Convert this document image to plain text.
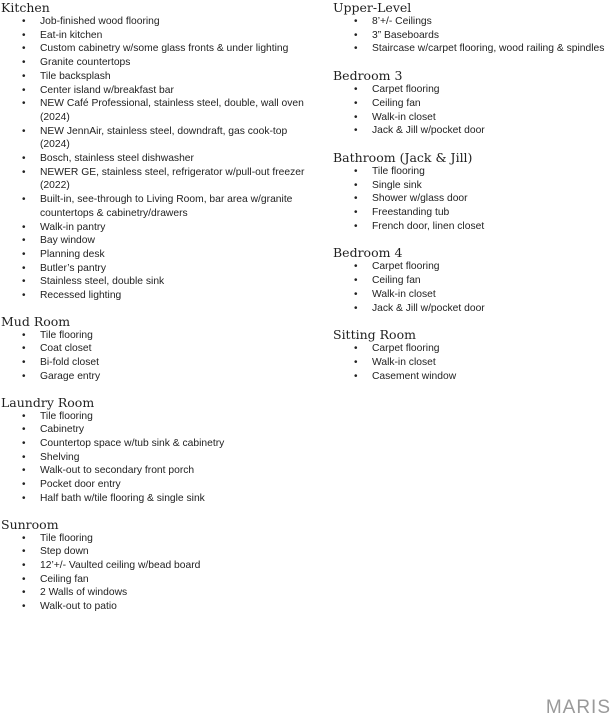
Kitchen
• Job-finished wood flooring
• Eat-in kitchen
• Custom cabinetry w/some glass fronts & under lighting
• Granite countertops
• Tile backsplash
• Center island w/breakfast bar
• NEW Café Professional, stainless steel, double, wall oven (2024)
• NEW JennAir, stainless steel, downdraft, gas cook-top (2024)
• Bosch, stainless steel dishwasher
• NEWER GE, stainless steel, refrigerator w/pull-out freezer (2022)
• Built-in, see-through to Living Room, bar area w/granite countertops & cabinetry/drawers
• Walk-in pantry
• Bay window
• Planning desk
• Butler’s pantry
• Stainless steel, double sink
• Recessed lighting
Mud Room
• Tile flooring
• Coat closet
• Bi-fold closet
• Garage entry
Laundry Room
• Tile flooring
• Cabinetry
• Countertop space w/tub sink & cabinetry
• Shelving
• Walk-out to secondary front porch
• Pocket door entry
• Half bath w/tile flooring & single sink
Sunroom
• Tile flooring
• Step down
• 12’+/- Vaulted ceiling w/bead board
• Ceiling fan
• 2 Walls of windows
• Walk-out to patio
Upper-Level
• 8’+/- Ceilings
• 3” Baseboards
• Staircase w/carpet flooring, wood railing & spindles
Bedroom 3
• Carpet flooring
• Ceiling fan
• Walk-in closet
• Jack & Jill w/pocket door
Bathroom (Jack & Jill)
• Tile flooring
• Single sink
• Shower w/glass door
• Freestanding tub
• French door, linen closet
Bedroom 4
• Carpet flooring
• Ceiling fan
• Walk-in closet
• Jack & Jill w/pocket door
Sitting Room
• Carpet flooring
• Walk-in closet
• Casement window
MARIS
